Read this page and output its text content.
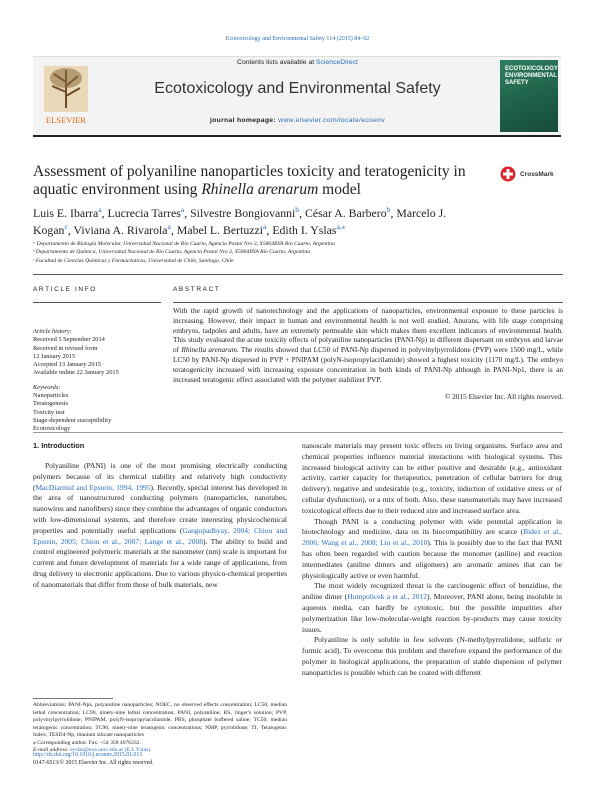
Ecotoxicology and Environmental Safety 114 (2015) 84–92
Contents lists available at ScienceDirect
Ecotoxicology and Environmental Safety
journal homepage: www.elsevier.com/locate/ecoenv
ELSEVIER
ECOTOXICOLOGY ENVIRONMENTAL SAFETY
Assessment of polyaniline nanoparticles toxicity and teratogenicity in aquatic environment using Rhinella arenarum model
CrossMark
Luis E. Ibarra$^a$, Lucrecia Tarres$^a$, Silvestre Bongiovanni$^b$, César A. Barbero$^b$, Marcelo J. Kogan$^c$, Viviana A. Rivarola$^a$, Mabel L. Bertuzzi$^a$, Edith I. Yslas$^{a,⁎}$
ᵃ Departamento de Biología Molecular, Universidad Nacional de Río Cuarto, Agencia Postal Nro 3, X5804BYA Río Cuarto, Argentina
ᵇ Departamento de Química, Universidad Nacional de Río Cuarto, Agencia Postal Nro 3, X5804BYA Río Cuarto, Argentina
ᶜ Facultad de Ciencias Químicas y Farmacéuticas, Universidad de Chile, Santiago, Chile
ARTICLE INFO	ABSTRACT
Article history:
Received 5 September 2014
Received in revised form
12 January 2015
Accepted 13 January 2015
Available online 22 January 2015
Keywords:
Nanoparticles
Teratogenesis
Toxicity test
Stage-dependent susceptibility
Ecotoxicology

With the rapid growth of nanotechnology and the applications of nanoparticles, environmental exposure to these particles is increasing. However, their impact in human and environmental health is not well studied. Anurans, with life stage comprising embryos, tadpoles and adults, have an extremely permeable skin which makes them excellent indicators of environmental health. This study evaluated the acute toxicity effects of polyaniline nanoparticles (PANI-Np) in different dispersant on embryos and larvae of Rhinella arenarum. The results showed that LC50 of PANI-Np dispersed in polyvinylpyrrolidone (PVP) were 1500 mg/L, while LC50 by PANI-Np dispersed in PVP + PNIPAM (polyN-isopropylacrilamide) showed a highest toxicity (1170 mg/L). The embryo teratogenicity increased with increasing exposure concentration in both kinds of PANI-Np although in PANI-Np1, there is an increased teratogenic effect associated with the polymer stabilizer PVP.

© 2015 Elsevier Inc. All rights reserved.
1. Introduction

Polyaniline (PANI) is one of the most promising electrically conducting polymers because of its chemical stability and relatively high conductivity (MacDiarmid and Epstein, 1994, 1995). Recently, special interest has developed in the area of nanostructured conducting polymers (nanoparticles, nanotubes, nanowires and nanofibers) since they combine the advantages of organic conductors with low-dimensional systems, and therefore create interesting physicochemical properties and potentially useful applications (Gangopadhyay, 2004; Chiou and Epstein, 2005; Chiou et al., 2007; Lange et al., 2008). The ability to build and control engineered polymeric materials at the nanometer (nm) scale is important for current and future development of materials for a wide range of applications, from drug delivery to electronic applications. Due to various physico-chemical properties of nanomaterials that differ from those of bulk materials, new

nanoscale materials may present toxic effects on living organisms. Surface area and chemical properties influence material interactions with biological systems. This increased biological activity can be either positive and desirable (e.g., antioxidant activity, carrier capacity for therapeutics, penetration of cellular barriers for drug delivery), negative and undesirable (e.g., toxicity, induction of oxidative stress or of cellular dysfunction), or a mix of both. Also, these nanomaterials may have increased toxicological effects due to their reduced size and increased surface area.

Though PANI is a conducting polymer with wide potential application in biotechnology and medicine, data on its biocompatibility are scarce (Bidez et al., 2006; Wang et al., 2008; Liu et al., 2010). This is possibly due to the fact that PANI has often been regarded with caution because the monomer (aniline) and reaction intermediates (aniline dimers and oligomers) are aromatic amines that can be physiologically active or even harmful.

The most widely recognized threat is the carcinogenic effect of benzidine, the aniline dimer (Humpolicek a et al., 2012). Moreover, PANI alone, being insoluble in aqueous media, can hardly be cytotoxic, but the possible impurities after polymerization like low-molecular-weight reaction by-products may cause toxicity issues.

Polyaniline is only soluble in few solvents (N-methylpyrrolidone, sulfuric or formic acid). To overcome this problem and therefore expand the performance of the polymer in biological applications, the preparation of stable dispersion of polymer nanoparticles is possible which can be coated with different

Abbreviations: PANI-Nps, polyaniline nanoparticles; NOEC, no observed effects concentration; LC50, median lethal concentration; LC90, ninety-nine lethal concentration; PANI, polyaniline; RS, ringer's solution; PVP, polyvinylpyrrolidone; PNIPAM, polyN-isopropylacrilamide; PBS, phosphate buffered saline; TC50, median teratogenic concentration; TC90, ninety-nine teratogenic concentrations; NMP, pyrrolidone; TI, Teratogenic Index; TESD4-Np, titanium silicate nanoparticles
⁎ Corresponding author. Fax: +54 358 4676232.
E-mail address: eyslas@exa.unrc.edu.ar (E.I. Yslas).
http://dx.doi.org/10.1016/j.ecoenv.2015.01.013
0147-6513/© 2015 Elsevier Inc. All rights reserved.
